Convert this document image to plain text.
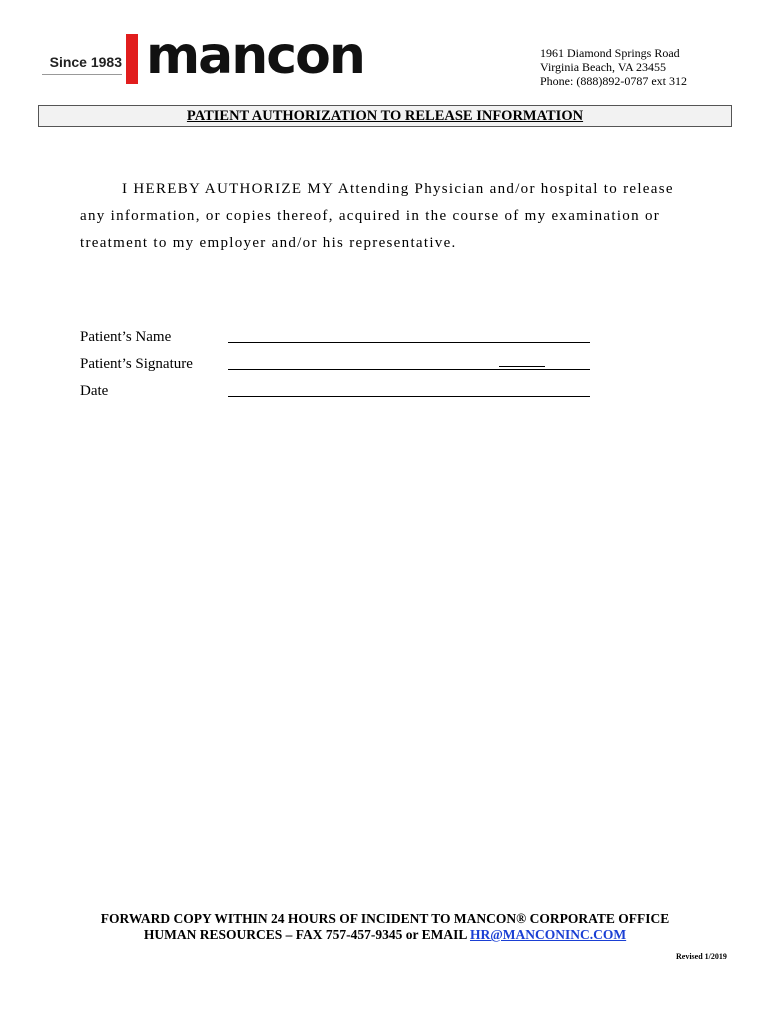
Since 1983 mancon	1961 Diamond Springs Road
Virginia Beach, VA 23455
Phone: (888)892-0787 ext 312
PATIENT AUTHORIZATION TO RELEASE INFORMATION
I HEREBY AUTHORIZE MY Attending Physician and/or hospital to release
any information, or copies thereof, acquired in the course of my examination or
treatment to my employer and/or his representative.
Patient’s Name
Patient’s Signature
Date
FORWARD COPY WITHIN 24 HOURS OF INCIDENT TO MANCON® CORPORATE OFFICE
HUMAN RESOURCES – FAX 757-457-9345 or EMAIL HR@MANCONINC.COM
Revised 1/2019
